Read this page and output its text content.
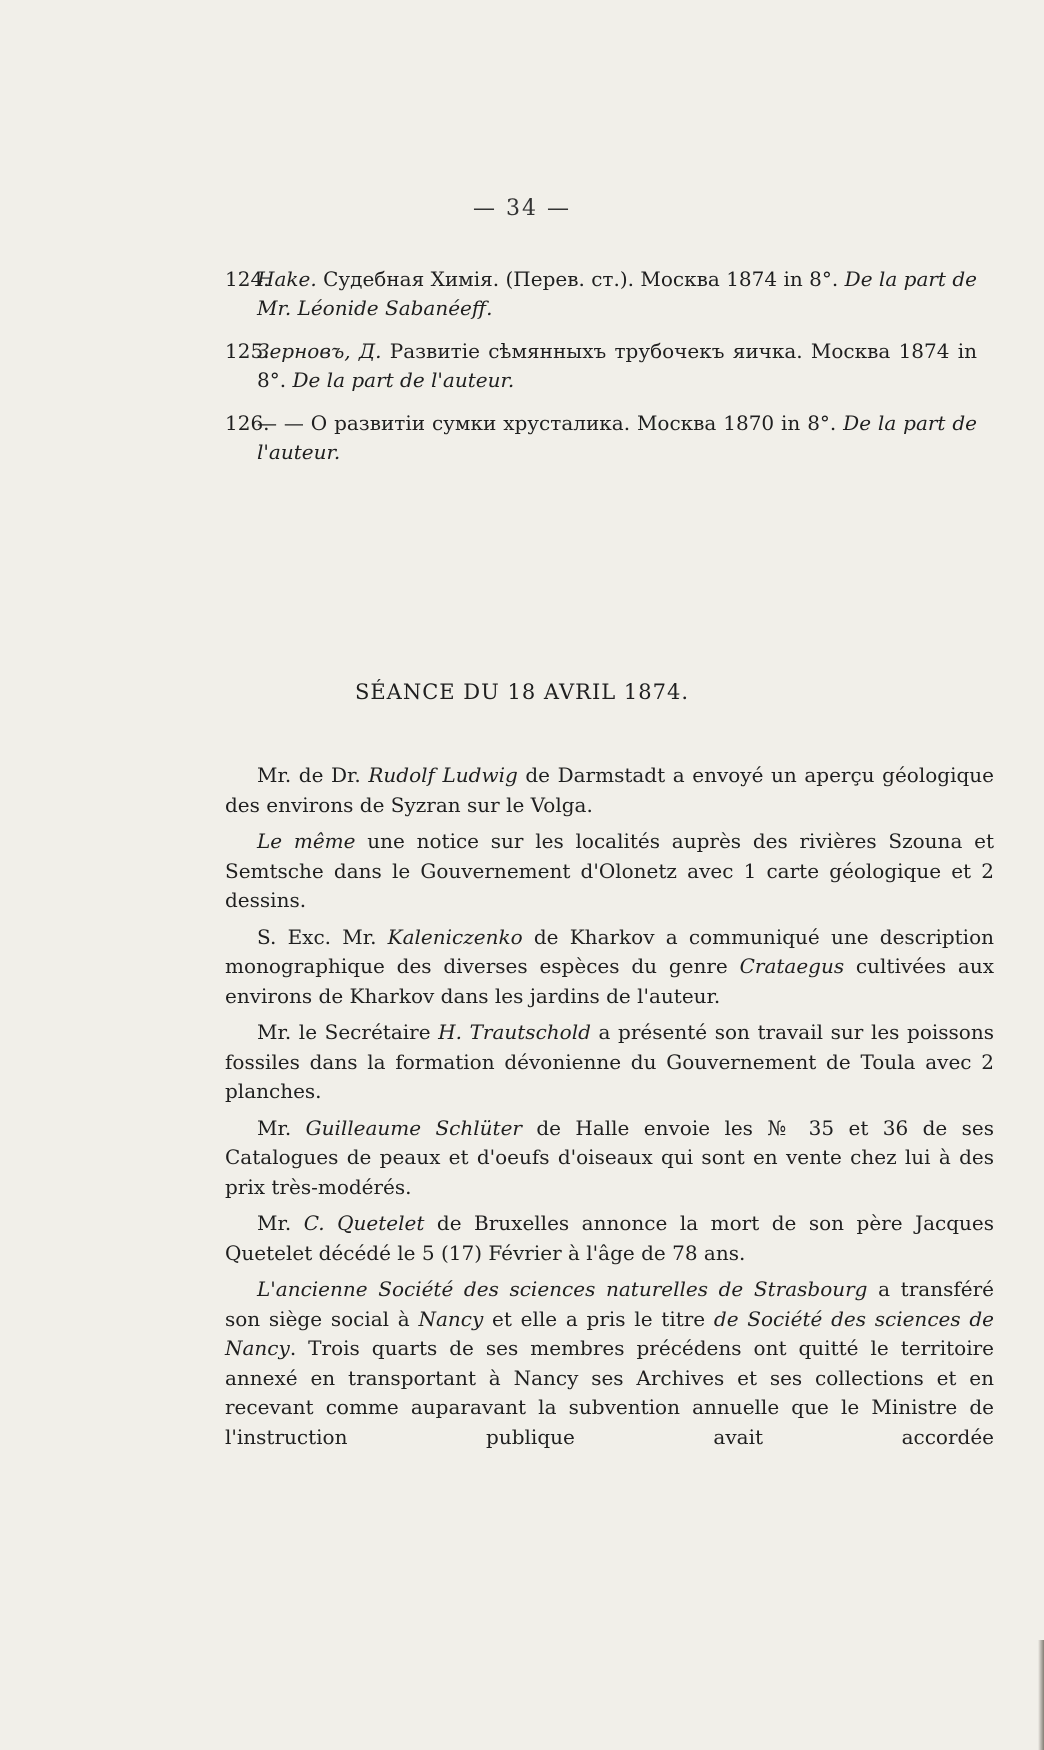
— 34 —
124.Hake. Судебная Химія. (Перев. ст.). Москва 1874 in 8°. De la part de Mr. Léonide Sabanéeff.
125.Зерновъ, Д. Развитіе сѣмянныхъ трубочекъ яичка. Москва 1874 in 8°. De la part de l'auteur.
126.— — О развитіи сумки хрусталика. Москва 1870 in 8°. De la part de l'auteur.
SÉANCE DU 18 AVRIL 1874.

Mr. de Dr. Rudolf Ludwig de Darmstadt a envoyé un aperçu géologique des environs de Syzran sur le Volga.

Le même une notice sur les localités auprès des rivières Szouna et Semtsche dans le Gouvernement d'Olonetz avec 1 carte géologique et 2 dessins.

S. Exc. Mr. Kaleniczenko de Kharkov a communiqué une description monographique des diverses espèces du genre Crataegus cultivées aux environs de Kharkov dans les jardins de l'auteur.

Mr. le Secrétaire H. Trautschold a présenté son travail sur les poissons fossiles dans la formation dévonienne du Gouvernement de Toula avec 2 planches.

Mr. Guilleaume Schlüter de Halle envoie les № 35 et 36 de ses Catalogues de peaux et d'oeufs d'oiseaux qui sont en vente chez lui à des prix très-modérés.

Mr. C. Quetelet de Bruxelles annonce la mort de son père Jacques Quetelet décédé le 5 (17) Février à l'âge de 78 ans.

L'ancienne Société des sciences naturelles de Strasbourg a transféré son siège social à Nancy et elle a pris le titre de Société des sciences de Nancy. Trois quarts de ses membres précédens ont quitté le territoire annexé en transportant à Nancy ses Archives et ses collections et en recevant comme auparavant la subvention annuelle que le Ministre de l'instruction publique avait accordée
